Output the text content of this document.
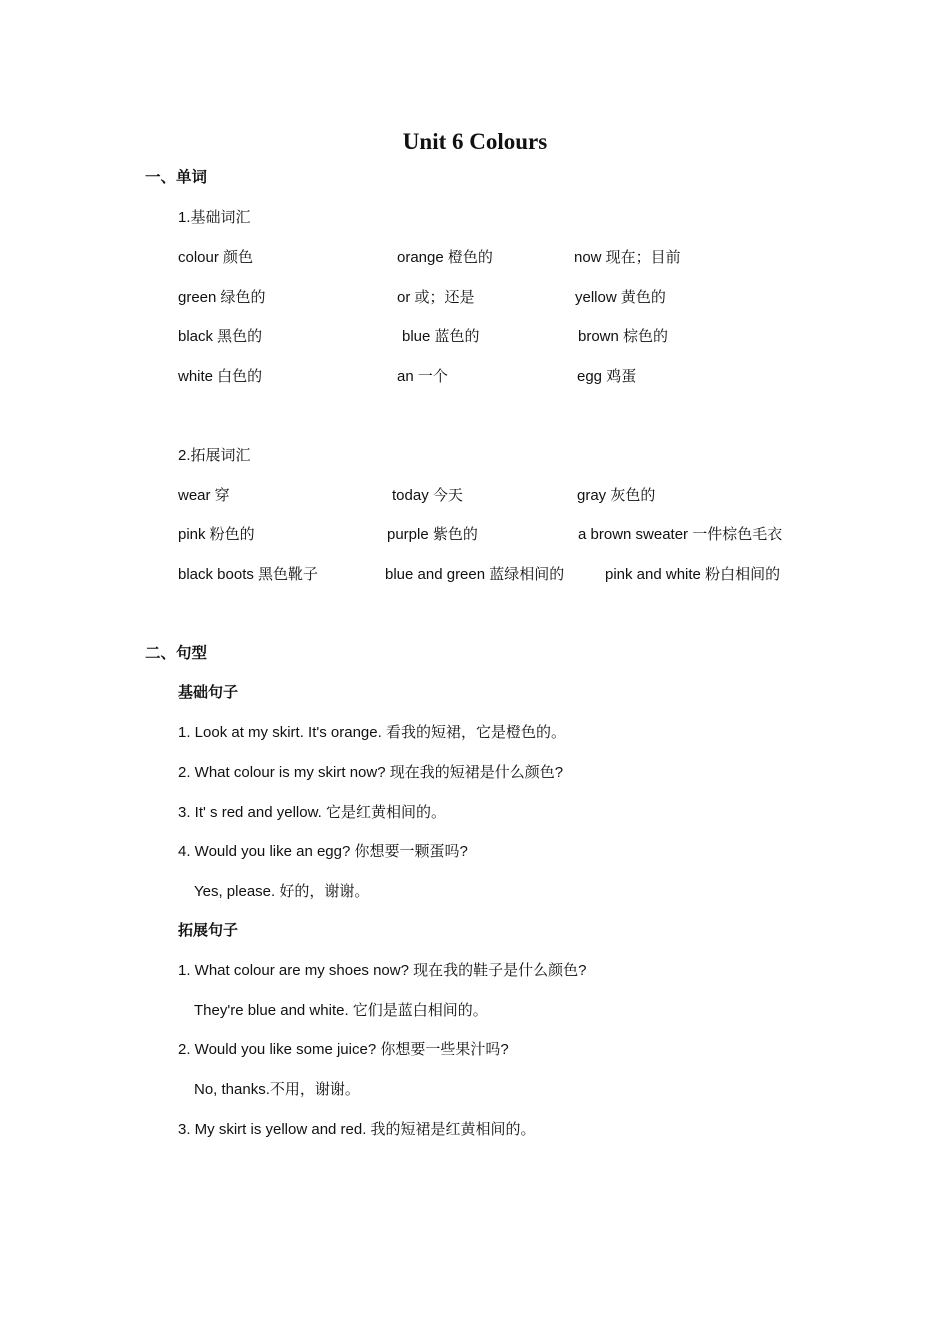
Unit 6 Colours
一、单词
1.基础词汇
colour 颜色	orange 橙色的	now 现在；目前
green 绿色的	or 或；还是	yellow 黄色的
black 黑色的	blue 蓝色的	brown 棕色的
white 白色的	an 一个	egg 鸡蛋
2.拓展词汇
wear 穿	today 今天	gray 灰色的
pink 粉色的	purple 紫色的	a brown sweater 一件棕色毛衣
black boots 黑色靴子	blue and green 蓝绿相间的	pink and white 粉白相间的
二、句型
基础句子
1. Look at my skirt. It's orange. 看我的短裙，它是橙色的。
2. What colour is my skirt now? 现在我的短裙是什么颜色?
3. It' s red and yellow. 它是红黄相间的。
4. Would you like an egg? 你想要一颗蛋吗?
Yes, please. 好的，谢谢。
拓展句子
1. What colour are my shoes now? 现在我的鞋子是什么颜色?
They're blue and white. 它们是蓝白相间的。
2. Would you like some juice? 你想要一些果汁吗?
No, thanks.不用，谢谢。
3. My skirt is yellow and red. 我的短裙是红黄相间的。
